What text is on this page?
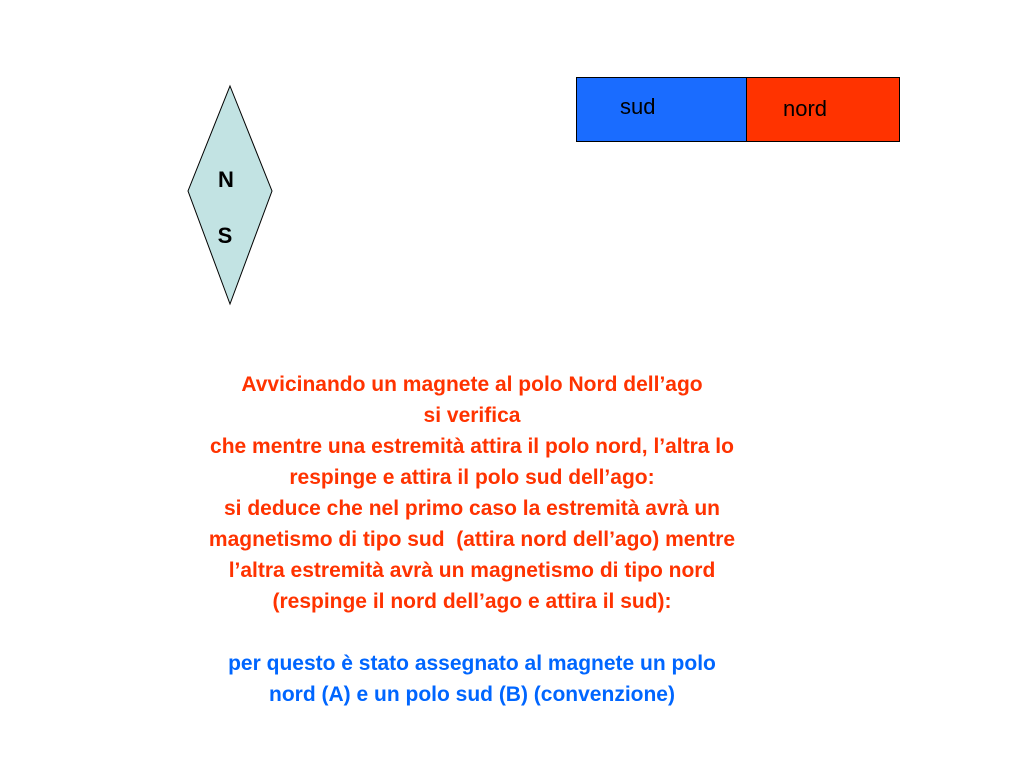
N
S
sud	nord
Avvicinando un magnete al polo Nord dell’ago
si verifica
che mentre una estremità attira il polo nord, l’altra lo
respinge e attira il polo sud dell’ago:
si deduce che nel primo caso la estremità avrà un
magnetismo di tipo sud  (attira nord dell’ago) mentre
l’altra estremità avrà un magnetismo di tipo nord
(respinge il nord dell’ago e attira il sud):
per questo è stato assegnato al magnete un polo
nord (A) e un polo sud (B) (convenzione)
